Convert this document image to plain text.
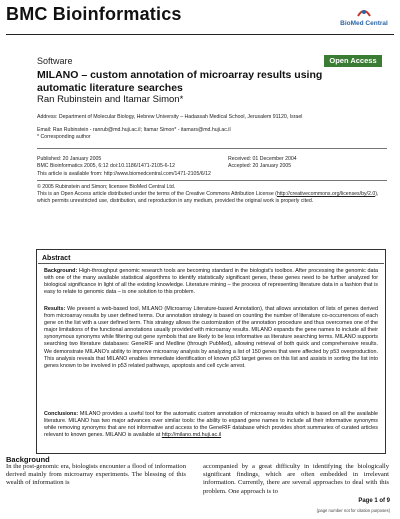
BMC Bioinformatics	BioMed Central
Software	Open Access
MILANO – custom annotation of microarray results using automatic literature searches
Ran Rubinstein and Itamar Simon*
Address: Department of Molecular Biology, Hebrew University – Hadassah Medical School, Jerusalem 91120, Israel
Email: Ran Rubinstein - ranrub@md.huji.ac.il; Itamar Simon* - itamars@md.huji.ac.il
* Corresponding author
Published: 20 January 2005
BMC Bioinformatics 2005, 6:12 doi:10.1186/1471-2105-6-12
Received: 01 December 2004
Accepted: 20 January 2005
This article is available from: http://www.biomedcentral.com/1471-2105/6/12
© 2005 Rubinstein and Simon; licensee BioMed Central Ltd.
This is an Open Access article distributed under the terms of the Creative Commons Attribution License (http://creativecommons.org/licenses/by/2.0), which permits unrestricted use, distribution, and reproduction in any medium, provided the original work is properly cited.
Abstract
Background: High-throughput genomic research tools are becoming standard in the biologist's toolbox. After processing the genomic data with one of the many available statistical algorithms to identify statistically significant genes, these genes need to be further analyzed for biological significance in light of all the existing knowledge. Literature mining – the process of representing literature data in a fashion that is easy to relate to genomic data – is one solution to this problem.
Results: We present a web-based tool, MILANO (Microarray Literature-based Annotation), that allows annotation of lists of genes derived from microarray results by user defined terms. Our annotation strategy is based on counting the number of literature co-occurrences of each gene on the list with a user defined term. This strategy allows the customization of the annotation procedure and thus overcomes one of the major limitations of the functional annotations usually provided with microarray results. MILANO expands the gene names to include all their synonymous synonyms while filtering out gene symbols that are likely to be less informative as literature searching terms. MILANO supports searching two literature databases: GeneRIF and Medline (through PubMed), allowing retrieval of both quick and comprehensive results. We demonstrate MILANO's ability to improve microarray analysis by analyzing a list of 150 genes that were affected by p53 overproduction. This analysis reveals that MILANO enables immediate identification of known p53 target genes on this list and assists in sorting the list into genes known to be involved in p53 related pathways, apoptosis and cell cycle arrest.
Conclusions: MILANO provides a useful tool for the automatic custom annotation of microarray results which is based on all the available literature. MILANO has two major advances over similar tools: the ability to expand gene names to include all their informative synonyms while removing synonyms that are not informative and access to the GeneRIF database which provides short summaries of curated articles relevant to known genes. MILANO is available at http://milano.md.huji.ac.il
Background
In the post-genomic era, biologists encounter a flood of information derived mainly from microarray experiments. The blessing of this wealth of information is
accompanied by a great difficulty in identifying the biologically significant findings, which are often embedded in irrelevant information. Currently, there are several approaches to deal with this problem. One approach is to
Page 1 of 9
(page number not for citation purposes)
